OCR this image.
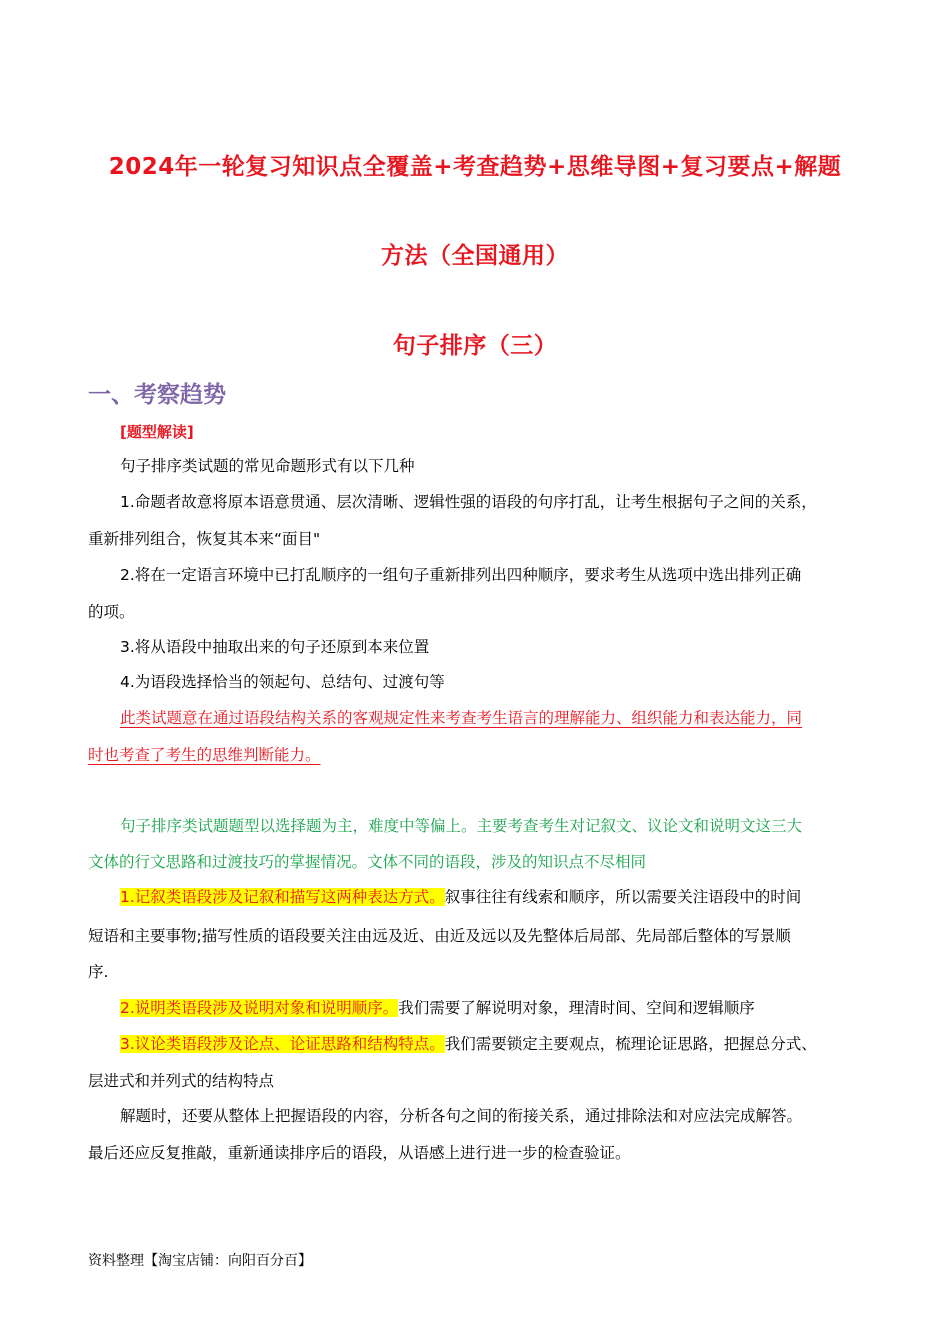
2024年一轮复习知识点全覆盖+考查趋势+思维导图+复习要点+解题
方法（全国通用）
句子排序（三）
一、考察趋势
[题型解读]
句子排序类试题的常见命题形式有以下几种
1.命题者故意将原本语意贯通、层次清晰、逻辑性强的语段的句序打乱，让考生根据句子之间的关系，
重新排列组合，恢复其本来“面目"
2.将在一定语言环境中已打乱顺序的一组句子重新排列出四种顺序，要求考生从选项中选出排列正确
的项。
3.将从语段中抽取出来的句子还原到本来位置
4.为语段选择恰当的领起句、总结句、过渡句等
此类试题意在通过语段结构关系的客观规定性来考查考生语言的理解能力、组织能力和表达能力，同
时也考查了考生的思维判断能力。
句子排序类试题题型以选择题为主，难度中等偏上。主要考查考生对记叙文、议论文和说明文这三大
文体的行文思路和过渡技巧的掌握情况。文体不同的语段，涉及的知识点不尽相同
1.记叙类语段涉及记叙和描写这两种表达方式。叙事往往有线索和顺序，所以需要关注语段中的时间
短语和主要事物;描写性质的语段要关注由远及近、由近及远以及先整体后局部、先局部后整体的写景顺
序.
2.说明类语段涉及说明对象和说明顺序。我们需要了解说明对象，理清时间、空间和逻辑顺序
3.议论类语段涉及论点、论证思路和结构特点。我们需要锁定主要观点，梳理论证思路，把握总分式、
层进式和并列式的结构特点
解题时，还要从整体上把握语段的内容，分析各句之间的衔接关系，通过排除法和对应法完成解答。
最后还应反复推敲，重新通读排序后的语段，从语感上进行进一步的检查验证。
资料整理【淘宝店铺：向阳百分百】
